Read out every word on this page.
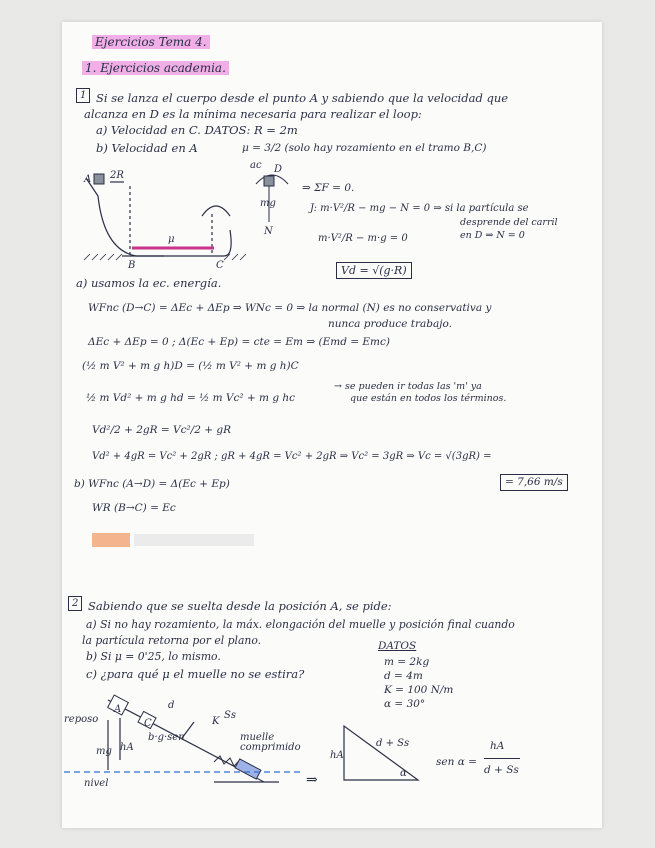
Ejercicios Tema 4.
1. Ejercicios academia.
1 Si se lanza el cuerpo desde el punto A y sabiendo que la velocidad que
alcanza en D es la mínima necesaria para realizar el loop:
a) Velocidad en C. DATOS: R = 2m
b) Velocidad en A	μ = 3/2 (solo hay rozamiento en el tramo B,C)
A 2R
B	C
μ
ac D
mg
N
⇒ ΣF = 0.
J: m·V²/R − mg − N = 0 ⇒ si la partícula se
desprende del carril
en D ⇒ N = 0
m·V²/R − m·g = 0
Vd = √(g·R)
a) usamos la ec. energía.
WFnc (D→C) = ΔEc + ΔEp ⇒ WNc = 0 ⇒ la normal (N) es no conservativa y
nunca produce trabajo.
ΔEc + ΔEp = 0 ; Δ(Ec + Ep) = cte = Em ⇒ (Emd = Emc)
(½ m V² + m g h)D = (½ m V² + m g h)C
½ m Vd² + m g hd = ½ m Vc² + m g hc
→ se pueden ir todas las 'm' ya
que están en todos los términos.
Vd²/2 + 2gR = Vc²/2 + gR
Vd² + 4gR = Vc² + 2gR ; gR + 4gR = Vc² + 2gR ⇒ Vc² = 3gR ⇒ Vc = √(3gR) =
= 7,66 m/s
b) WFnc (A→D) = Δ(Ec + Ep)
WR (B→C) = Ec
2 Sabiendo que se suelta desde la posición A, se pide:
a) Si no hay rozamiento, la máx. elongación del muelle y posición final cuando
la partícula retorna por el plano.
b) Si μ = 0'25, lo mismo.
c) ¿para qué μ el muelle no se estira?
DATOS
m = 2kg
d = 4m
K = 100 N/m
α = 30°
reposo
A
C
d
K
Ss
muelle
comprimido
mg hA
nivel
b·g·sen
⇒
d + Ss
hA
α
sen α =
hA
d + Ss
